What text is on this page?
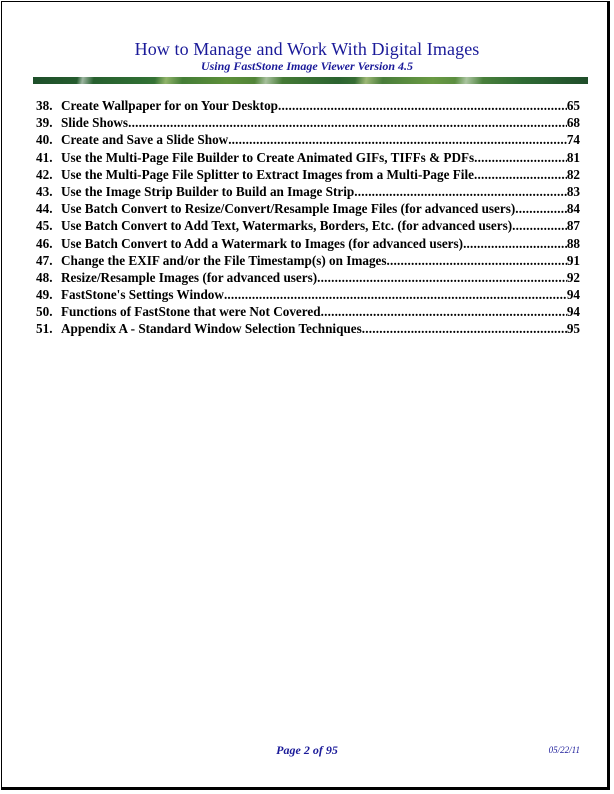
How to Manage and Work With Digital Images
Using FastStone Image Viewer Version 4.5
38. Create Wallpaper for on Your Desktop .....	65
39. Slide Shows .....	68
40. Create and Save a Slide Show .....	74
41. Use the Multi-Page File Builder to Create Animated GIFs, TIFFs & PDFs .....	81
42. Use the Multi-Page File Splitter to Extract Images from a Multi-Page File .....	82
43. Use the Image Strip Builder to Build an Image Strip .....	83
44. Use Batch Convert to Resize/Convert/Resample Image Files (for advanced users) .....	84
45. Use Batch Convert to Add Text, Watermarks, Borders, Etc. (for advanced users) .....	87
46. Use Batch Convert to Add a Watermark to Images (for advanced users) .....	88
47. Change the EXIF and/or the File Timestamp(s) on Images .....	91
48. Resize/Resample Images (for advanced users) .....	92
49. FastStone's Settings Window .....	94
50. Functions of FastStone that were Not Covered .....	94
51. Appendix A - Standard Window Selection Techniques .....	95
Page 2 of 95	05/22/11
